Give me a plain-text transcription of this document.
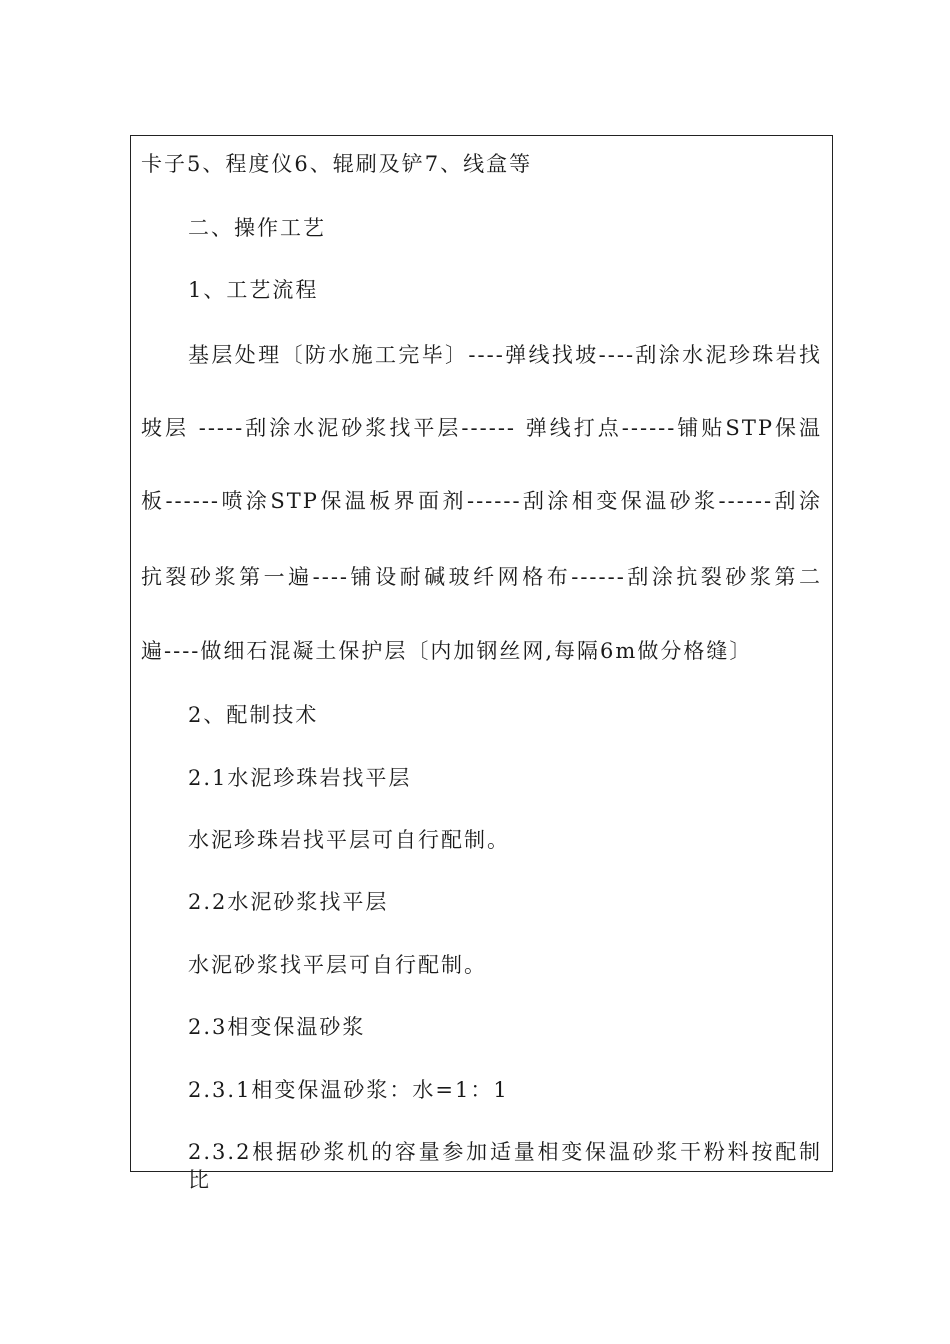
卡子5、程度仪6、辊刷及铲7、线盒等
二、操作工艺
1、工艺流程
基层处理〔防水施工完毕〕----弹线找坡----刮涂水泥珍珠岩找
坡层 -----刮涂水泥砂浆找平层------ 弹线打点------铺贴STP保温
板------喷涂STP保温板界面剂------刮涂相变保温砂浆------刮涂
抗裂砂浆第一遍----铺设耐碱玻纤网格布------刮涂抗裂砂浆第二
遍----做细石混凝土保护层〔内加钢丝网,每隔6m做分格缝〕
2、配制技术
2.1水泥珍珠岩找平层
水泥珍珠岩找平层可自行配制。
2.2水泥砂浆找平层
水泥砂浆找平层可自行配制。
2.3相变保温砂浆
2.3.1相变保温砂浆：水=1：1
2.3.2根据砂浆机的容量参加适量相变保温砂浆干粉料按配制比
